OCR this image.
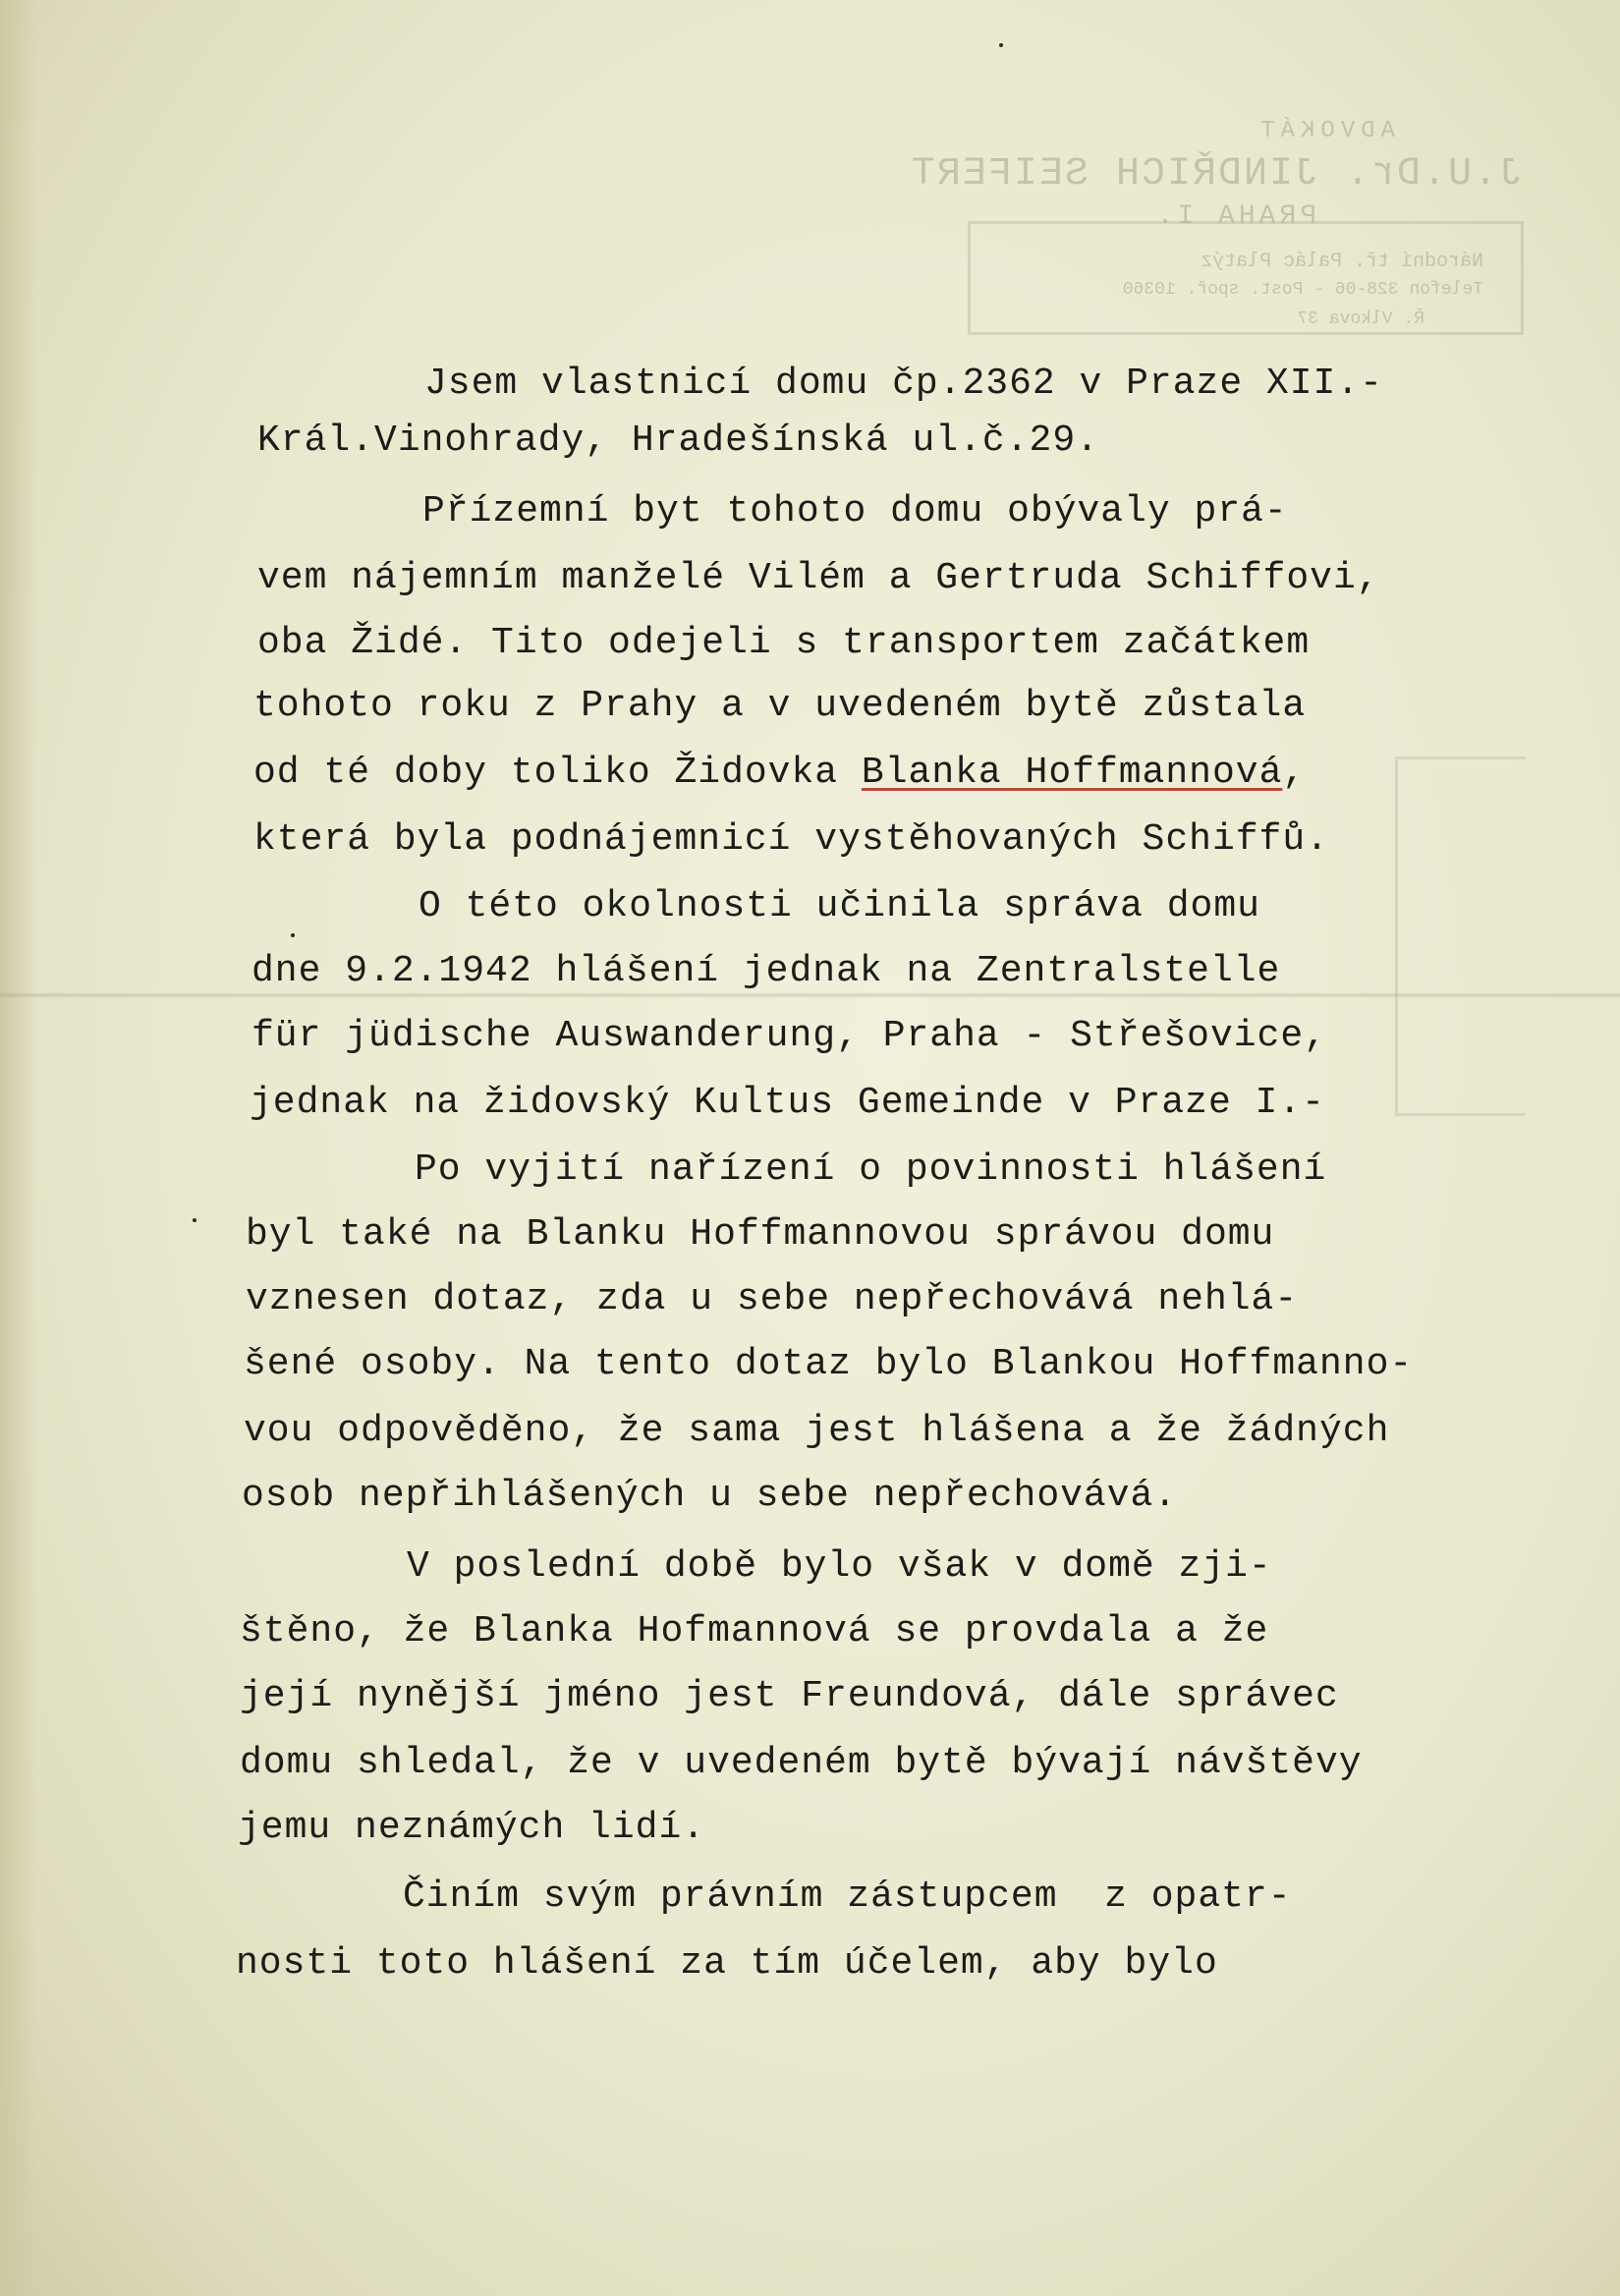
ADVOKÁT
J.U.Dr. JINDŘICH SEIFERT
PRAHA I.
Národní tř. Palác Platýz
Telefon 328-06 - Post. spoř. 10360
Ř. Vlkova 37
Jsem vlastnicí domu čp.2362 v Praze XII.-
Král.Vinohrady, Hradešínská ul.č.29.
Přízemní byt tohoto domu obývaly prá-
vem nájemním manželé Vilém a Gertruda Schiffovi,
oba Židé. Tito odejeli s transportem začátkem
tohoto roku z Prahy a v uvedeném bytě zůstala
od té doby toliko Židovka Blanka Hoffmannová,
která byla podnájemnicí vystěhovaných Schiffů.
O této okolnosti učinila správa domu
dne 9.2.1942 hlášení jednak na Zentralstelle
für jüdische Auswanderung, Praha - Střešovice,
jednak na židovský Kultus Gemeinde v Praze I.-
Po vyjití nařízení o povinnosti hlášení
byl také na Blanku Hoffmannovou správou domu
vznesen dotaz, zda u sebe nepřechovává nehlá-
šené osoby. Na tento dotaz bylo Blankou Hoffmanno-
vou odpověděno, že sama jest hlášena a že žádných
osob nepřihlášených u sebe nepřechovává.
V poslední době bylo však v domě zji-
štěno, že Blanka Hofmannová se provdala a že
její nynější jméno jest Freundová, dále správec
domu shledal, že v uvedeném bytě bývají návštěvy
jemu neznámých lidí.
Činím svým právním zástupcem  z opatr-
nosti toto hlášení za tím účelem, aby bylo
